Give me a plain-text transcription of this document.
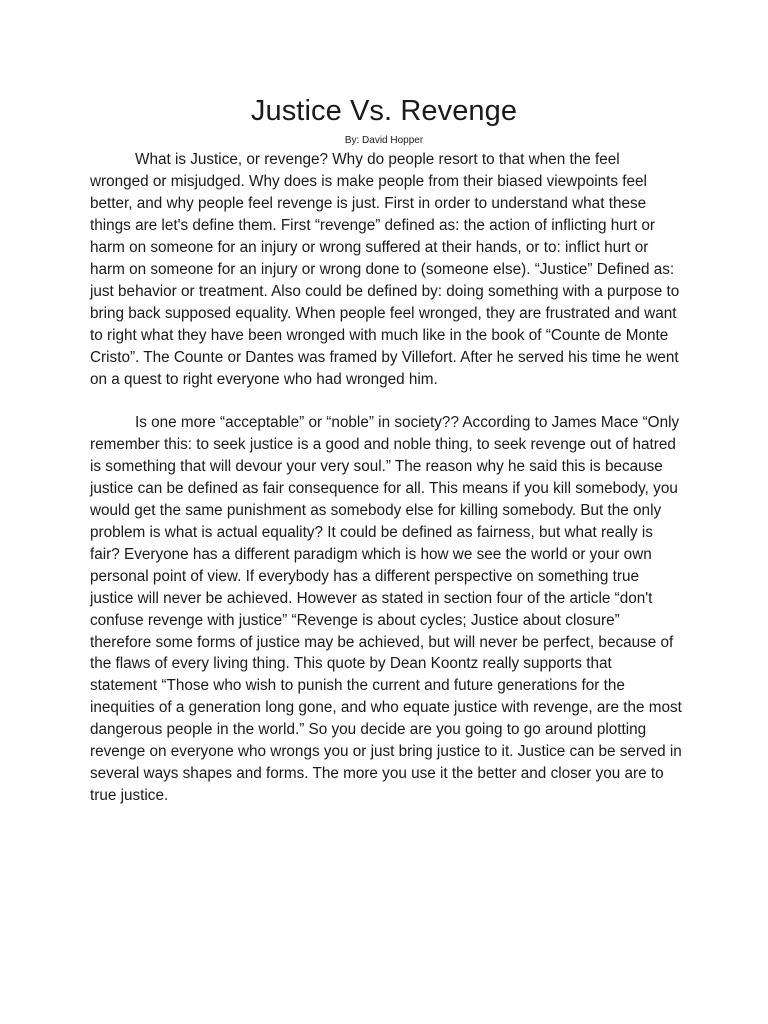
Justice Vs. Revenge

By: David Hopper

What is Justice, or revenge? Why do people resort to that when the feel wronged or misjudged. Why does is make people from their biased viewpoints feel better, and why people feel revenge is just. First in order to understand what these things are let's define them. First “revenge” defined as: the action of inflicting hurt or harm on someone for an injury or wrong suffered at their hands, or to: inflict hurt or harm on someone for an injury or wrong done to (someone else). “Justice” Defined as: just behavior or treatment. Also could be defined by: doing something with a purpose to bring back supposed equality. When people feel wronged, they are frustrated and want to right what they have been wronged with much like in the book of “Counte de Monte Cristo”. The Counte or Dantes was framed by Villefort. After he served his time he went on a quest to right everyone who had wronged him.

Is one more “acceptable” or “noble” in society?? According to James Mace “Only remember this: to seek justice is a good and noble thing, to seek revenge out of hatred is something that will devour your very soul.” The reason why he said this is because justice can be defined as fair consequence for all. This means if you kill somebody, you would get the same punishment as somebody else for killing somebody. But the only problem is what is actual equality? It could be defined as fairness, but what really is fair? Everyone has a different paradigm which is how we see the world or your own personal point of view. If everybody has a different perspective on something true justice will never be achieved. However as stated in section four of the article “don't confuse revenge with justice” “Revenge is about cycles; Justice about closure” therefore some forms of justice may be achieved, but will never be perfect, because of the flaws of every living thing. This quote by Dean Koontz really supports that statement “Those who wish to punish the current and future generations for the inequities of a generation long gone, and who equate justice with revenge, are the most dangerous people in the world.” So you decide are you going to go around plotting revenge on everyone who wrongs you or just bring justice to it. Justice can be served in several ways shapes and forms. The more you use it the better and closer you are to true justice.
